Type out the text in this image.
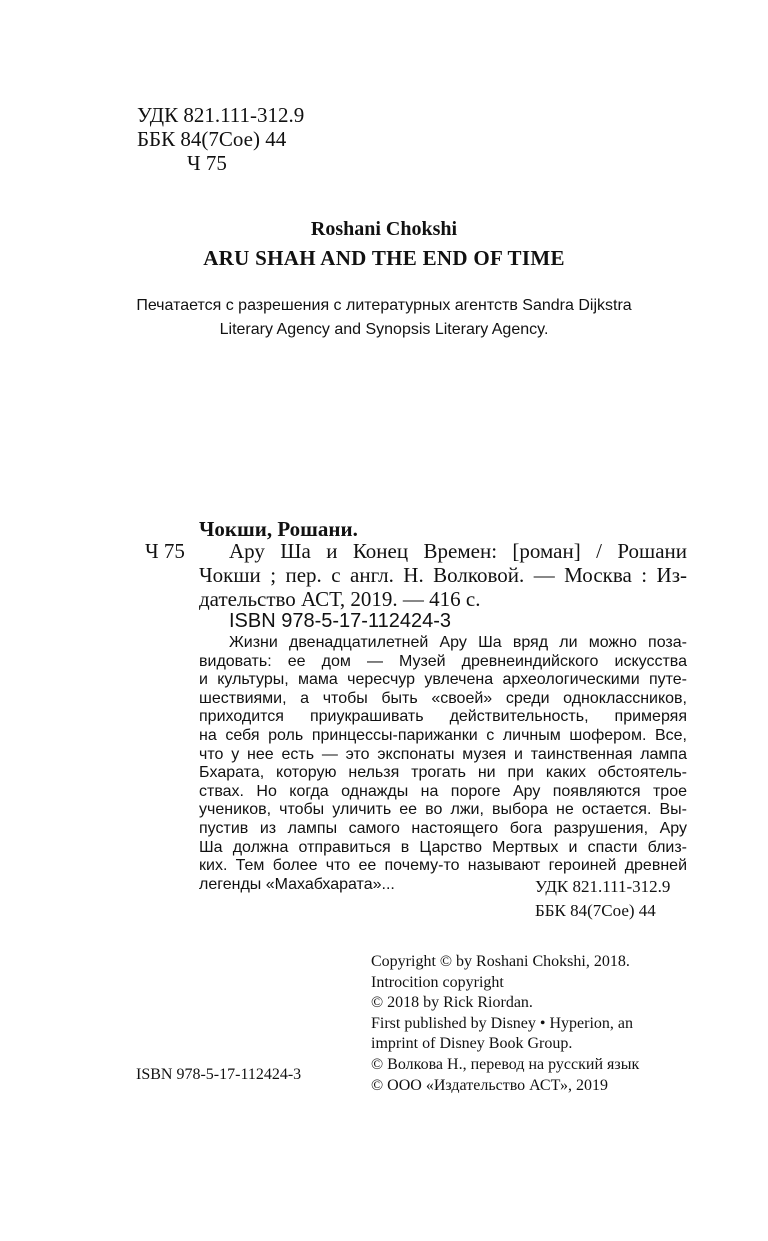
УДК 821.111-312.9
ББК 84(7Сое) 44
Ч 75
Roshani Chokshi
ARU SHAH AND THE END OF TIME
Печатается с разрешения с литературных агентств Sandra Dijkstra
Literary Agency and Synopsis Literary Agency.
Чокши, Рошани.
Ч 75	Ару Ша и Конец Времен: [роман] / Рошани
Чокши ; пер. с англ. Н. Волковой. — Москва : Из-
дательство АСТ, 2019. — 416 с.
ISBN 978-5-17-112424-3
Жизни двенадцатилетней Ару Ша вряд ли можно поза-
видовать: ее дом — Музей древнеиндийского искусства
и культуры, мама чересчур увлечена археологическими путе-
шествиями, а чтобы быть «своей» среди одноклассников,
приходится приукрашивать действительность, примеряя
на себя роль принцессы-парижанки с личным шофером. Все,
что у нее есть — это экспонаты музея и таинственная лампа
Бхарата, которую нельзя трогать ни при каких обстоятель-
ствах. Но когда однажды на пороге Ару появляются трое
учеников, чтобы уличить ее во лжи, выбора не остается. Вы-
пустив из лампы самого настоящего бога разрушения, Ару
Ша должна отправиться в Царство Мертвых и спасти близ-
ких. Тем более что ее почему-то называют героиней древней
легенды «Махабхарата»...	УДК 821.111-312.9
ББК 84(7Сое) 44
Copyright © by Roshani Chokshi, 2018.
Introcition copyright
© 2018 by Rick Riordan.
First published by Disney • Hyperion, an
imprint of Disney Book Group.
© Волкова Н., перевод на русский язык
© ООО «Издательство АСТ», 2019
ISBN 978-5-17-112424-3
